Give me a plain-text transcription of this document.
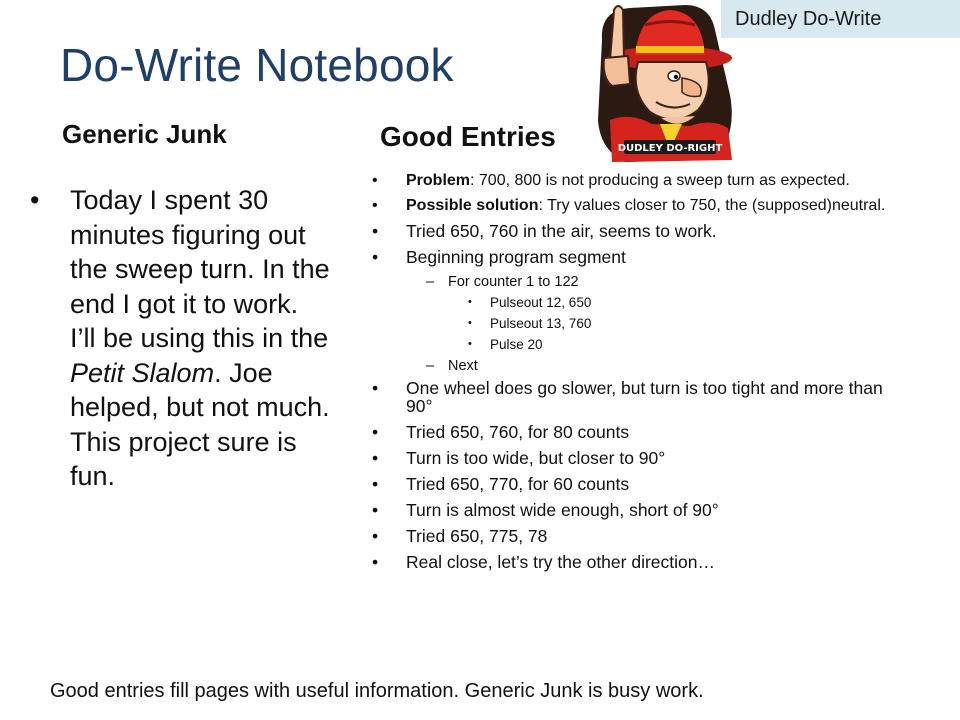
Dudley Do-Write
Do-Write Notebook
DUDLEY DO-RIGHT
Generic Junk	Good Entries
• Today I spent 30 minutes figuring out the sweep turn. In the end I got it to work. I’ll be using this in the Petit Slalom. Joe helped, but not much. This project sure is fun.
• Problem: 700, 800 is not producing a sweep turn as expected.
• Possible solution: Try values closer to 750, the (supposed)neutral.
• Tried 650, 760 in the air, seems to work.
• Beginning program segment
– For counter 1 to 122
• Pulseout 12, 650
• Pulseout 13, 760
• Pulse 20
– Next
• One wheel does go slower, but turn is too tight and more than 90°
• Tried 650, 760, for 80 counts
• Turn is too wide, but closer to 90°
• Tried 650, 770, for 60 counts
• Turn is almost wide enough, short of 90°
• Tried 650, 775, 78
• Real close, let’s try the other direction…
Good entries fill pages with useful information. Generic Junk is busy work.
